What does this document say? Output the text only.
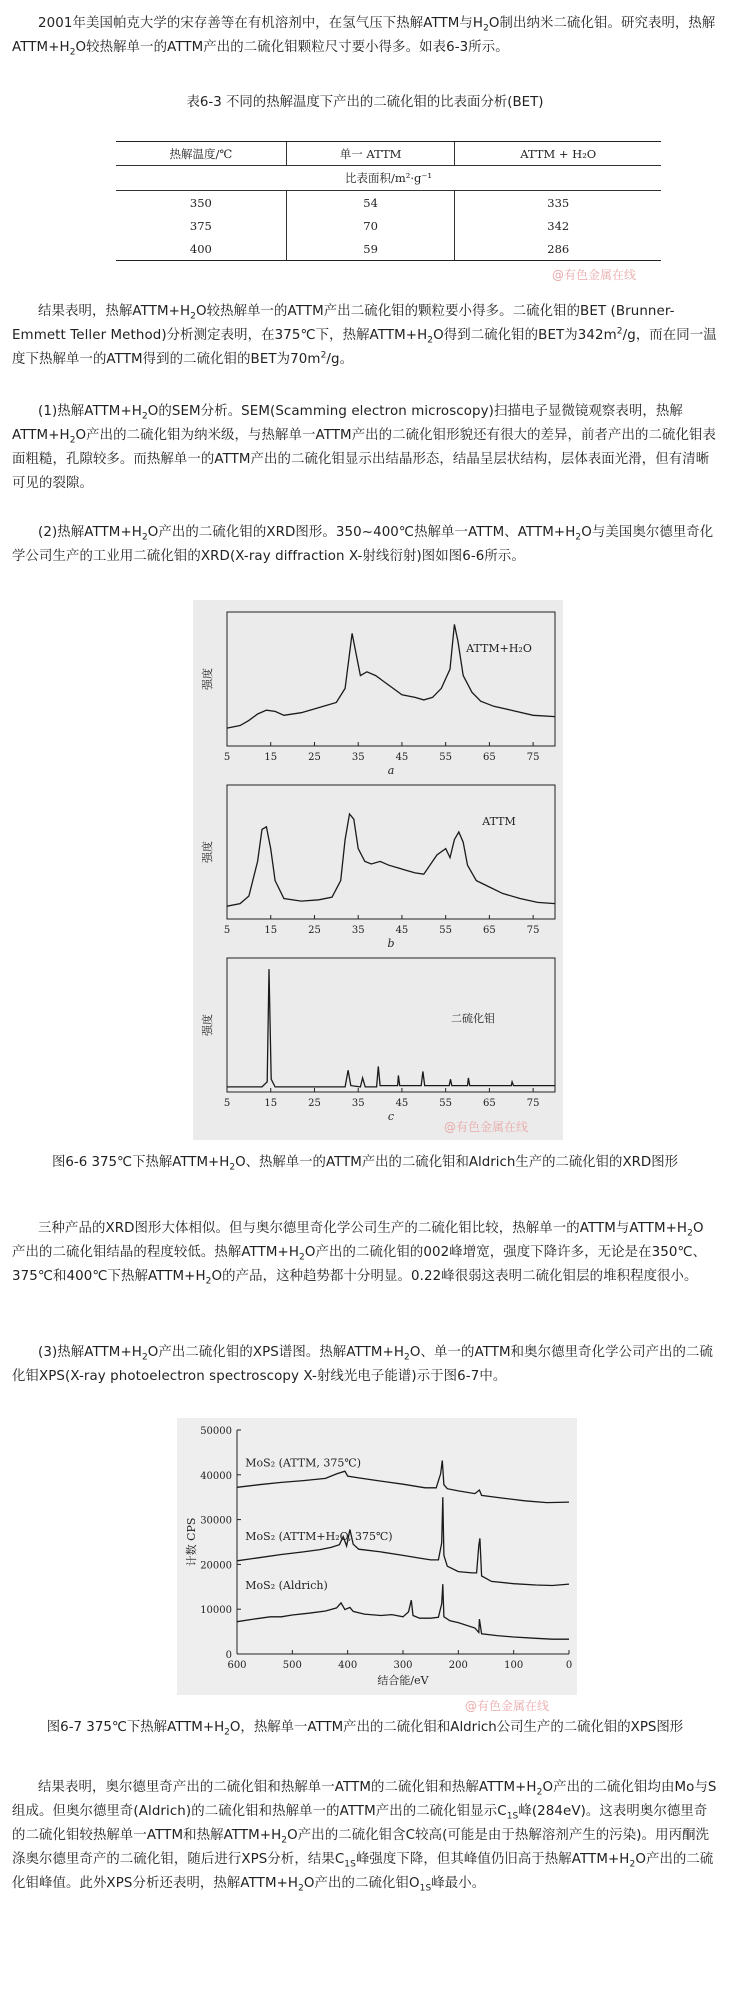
2001年美国帕克大学的宋存善等在有机溶剂中，在氢气压下热解ATTM与$H_2O$制出纳米二硫化钼。研究表明，热解$ATTM+H_2O$较热解单一的ATTM产出的二硫化钼颗粒尺寸要小得多。如表6-3所示。

表6-3 不同的热解温度下产出的二硫化钼的比表面分析(BET)
热解温度/℃	单一 ATTM	ATTM + H₂O
比表面积/m²·g⁻¹		
350	54	335
375	70	342
400	59	286
@有色金属在线

结果表明，热解$ATTM+H_2O$较热解单一的ATTM产出二硫化钼的颗粒要小得多。二硫化钼的BET (Brunner-Emmett Teller Method)分析测定表明，在375℃下，热解$ATTM+H_2O$得到二硫化钼的BET为$342m^2/g$，而在同一温度下热解单一的ATTM得到的二硫化钼的BET为$70m^2/g$。

(1)热解$ATTM+H_2O$的SEM分析。SEM(Scamming electron microscopy)扫描电子显微镜观察表明，热解$ATTM+H_2O$产出的二硫化钼为纳米级，与热解单一ATTM产出的二硫化钼形貌还有很大的差异，前者产出的二硫化钼表面粗糙，孔隙较多。而热解单一的ATTM产出的二硫化钼显示出结晶形态，结晶呈层状结构，层体表面光滑，但有清晰可见的裂隙。

(2)热解$ATTM+H_2O$产出的二硫化钼的XRD图形。350~400℃热解单一ATTM、$ATTM+H_2O$与美国奥尔德里奇化学公司生产的工业用二硫化钼的XRD(X-ray diffraction X-射线衍射)图如图6-6所示。

5	15	25	35	45	55	65	75
强度
a
ATTM+H₂O
5	15	25	35	45	55	65	75
强度
b
ATTM
5	15	25	35	45	55	65	75
强度
c
二硫化钼
@有色金属在线
图6-6 375℃下热解$ATTM+H_2O$、热解单一的ATTM产出的二硫化钼和Aldrich生产的二硫化钼的XRD图形

三种产品的XRD图形大体相似。但与奥尔德里奇化学公司生产的二硫化钼比较，热解单一的ATTM与$ATTM+H_2O$产出的二硫化钼结晶的程度较低。热解$ATTM+H_2O$产出的二硫化钼的002峰增宽，强度下降许多，无论是在350℃、375℃和400℃下热解$ATTM+H_2O$的产品，这种趋势都十分明显。0.22峰很弱这表明二硫化钼层的堆积程度很小。

(3)热解$ATTM+H_2O$产出二硫化钼的XPS谱图。热解$ATTM+H_2O$、单一的ATTM和奥尔德里奇化学公司产出的二硫化钼XPS(X-ray photoelectron spectroscopy X-射线光电子能谱)示于图6-7中。

0
10000
20000
30000
40000
50000
600	500	400	300	200	100	0
MoS₂ (ATTM, 375℃)
MoS₂ (ATTM+H₂O, 375℃)
MoS₂ (Aldrich)
结合能/eV
计数 CPS
@有色金属在线
图6-7 375℃下热解$ATTM+H_2O$，热解单一ATTM产出的二硫化钼和Aldrich公司生产的二硫化钼的XPS图形

结果表明，奥尔德里奇产出的二硫化钼和热解单一ATTM的二硫化钼和热解$ATTM+H_2O$产出的二硫化钼均由Mo与S组成。但奥尔德里奇(Aldrich)的二硫化钼和热解单一的ATTM产出的二硫化钼显示$C_{1S}$峰(284eV)。这表明奥尔德里奇的二硫化钼较热解单一ATTM和热解$ATTM+H_2O$产出的二硫化钼含C较高(可能是由于热解溶剂产生的污染)。用丙酮洗涤奥尔德里奇产的二硫化钼，随后进行XPS分析，结果$C_{1S}$峰强度下降，但其峰值仍旧高于热解$ATTM+H_2O$产出的二硫化钼峰值。此外XPS分析还表明，热解$ATTM+H_2O$产出的二硫化钼$O_{1S}$峰最小。
